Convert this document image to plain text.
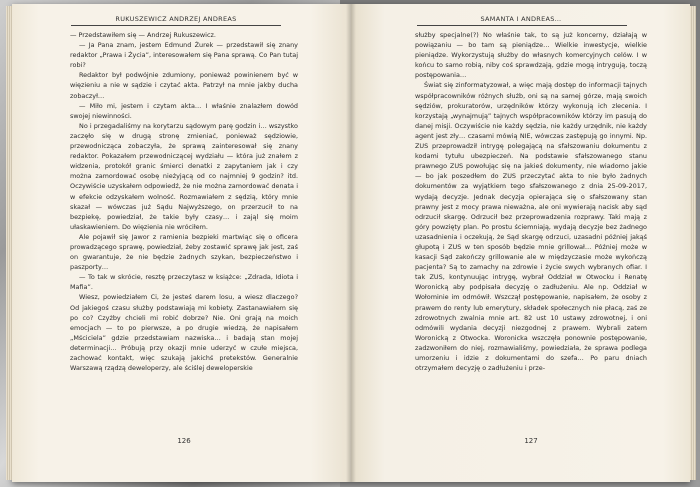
RUKUSZEWICZ ANDRZEJ ANDREAS

— Przedstawiłem się — Andrzej Rukuszewicz.

— Ja Pana znam, jestem Edmund Żurek — przedstawił się znany redaktor „Prawa i Życia”, interesowałem się Pana sprawą. Co Pan tutaj robi?

Redaktor był podwójnie zdumiony, ponieważ powinienem być w więzieniu a nie w sądzie i czytać akta. Patrzył na mnie jakby ducha zobaczył…

— Miło mi, jestem i czytam akta… I właśnie znalazłem dowód swojej niewinności.

No i przegadaliśmy na korytarzu sądowym parę godzin i… wszystko zaczęło się w drugą stronę zmieniać, ponieważ sędziowie, przewodnicząca zobaczyła, że sprawą zainteresował się znany redaktor. Pokazałem przewodniczącej wydziału — która już znałem z widzenia, protokół granic śmierci denatki z zapytaniem jak i czy można zamordować osobę nieżyjącą od co najmniej 9 godzin? itd. Oczywiście uzyskałem odpowiedź, że nie można zamordować denata i w efekcie odzyskałem wolność. Rozmawiałem z sędzią, który mnie skazał — wówczas już Sądu Najwyższego, on przerzucił to na bezpiekę, powiedział, że takie były czasy… i zająl się moim ułaskawieniem. Do więzienia nie wróciłem.

Ale pojawił się Jawor z ramienia bezpieki martwiąc się o oficera prowadzącego sprawę, powiedział, żeby zostawić sprawę jak jest, zaś on gwarantuje, że nie będzie żadnych szykan, bezpieczeństwo i paszporty…

— To tak w skrócie, resztę przeczytasz w książce: „Zdrada, Idiota i Mafia”.

Wiesz, powiedziałem Ci, że jesteś darem losu, a wiesz dlaczego? Od jakiegoś czasu służby podstawiają mi kobiety. Zastanawiałem się po co? Czyżby chcieli mi robić dobrze? Nie. Oni grają na moich emocjach — to po pierwsze, a po drugie wiedzą, że napisałem „Mścicielа” gdzie przedstawiam nazwiska… i badają stan mojej determinacji… Próbują przy okazji mnie uderzyć w czułe miejsca, zachować kontakt, więc szukają jakichś pretekstów. Generalnie Warszawą rządzą deweloperzy, ale ściślej deweloperskie

126
SAMANTA I ANDREAS…

służby specjalne(?) No właśnie tak, to są już koncerny, działają w powiązaniu — bo tam są pieniądze… Wielkie inwestycje, wielkie pieniądze. Wykorzystują służby do własnych komercyjnych celów. I w końcu to samo robią, niby coś sprawdzają, gdzie mogą intrygują, toczą postępowania…

Świat się zinformatyzował, a więc mają dostęp do informacji tajnych współpracowników różnych służb, oni są na samej górze, mają swoich sędziów, prokuratorów, urzędników którzy wykonują ich zlecenia. I korzystają „wynajmują” tajnych współpracowników którzy im pasują do danej misji. Oczywiście nie każdy sędzia, nie każdy urzędnik, nie każdy agent jest zły… czasami mówią NIE, wówczas zastępują go innymi. Np. ZUS przeprowadził intrygę polegającą na sfałszowaniu dokumentu z kodami tytułu ubezpieczeń. Na podstawie sfałszowanego stanu prawnego ZUS powołując się na jakieś dokumenty, nie wiadomo jakie — bo jak poszedłem do ZUS przeczytać akta to nie było żadnych dokumentów za wyjątkiem tego sfałszowanego z dnia 25-09-2017, wydają decyzje. Jednak decyzja opierająca się o sfałszowany stan prawny jest z mocy prawa nieważna, ale oni wywierają nacisk aby sąd odrzucił skargę. Odrzucił bez przeprowadzenia rozprawy. Taki mają z góry powzięty plan. Po prostu ściemniają, wydają decyzje bez żadnego uzasadnienia i oczekują, że Sąd skargę odrzuci, uzasadni później jakąś głupotą i ZUS w ten sposób będzie mnie grillował… Później może w kasacji Sąd zakończy grillowanie ale w międzyczasie może wykończą pacjenta? Są to zamachy na zdrowie i życie swych wybranych ofiar. I tak ZUS, kontynuując intrygę, wybrał Oddział w Otwocku i Renatę Woronicką aby podpisała decyzję o zadłużeniu. Ale np. Oddział w Wołominie im odmówił. Wszczął postępowanie, napisałem, że osoby z prawem do renty lub emerytury, składek społecznych nie płacą, zaś ze zdrowotnych zwalnia mnie art. 82 ust 10 ustawy zdrowotnej, i oni odmówili wydania decyzji niezgodnej z prawem. Wybrali zatem Woronicką z Otwocka. Woronicka wszczęła ponownie postępowanie, zadzwoniłem do niej, rozmawialiśmy, powiedziała, że sprawa podlega umorzeniu i idzie z dokumentami do szefa… Po paru dniach otrzymałem decyzję o zadłużeniu i prze-

127
